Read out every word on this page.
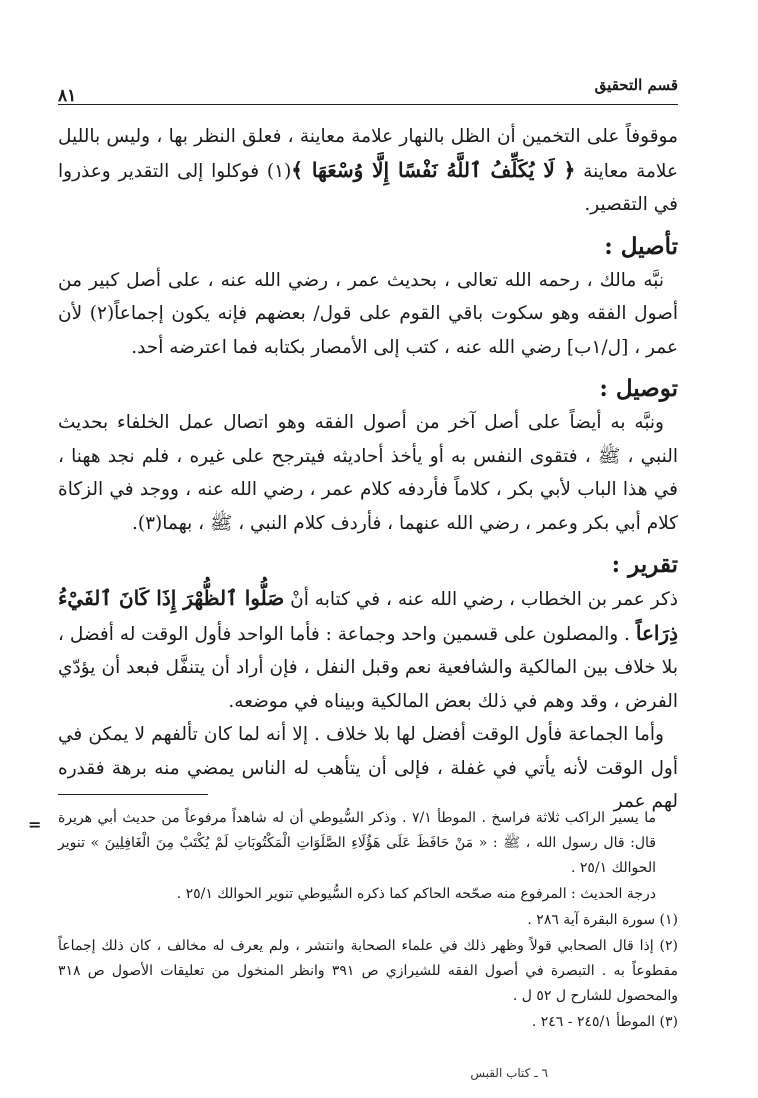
قسم التحقيق
٨١

موقوفاً على التخمين أن الظل بالنهار علامة معاينة ، فعلق النظر بها ، وليس بالليل علامة معاينة ﴿ لَا يُكَلِّفُ ٱللَّهُ نَفْسًا إِلَّا وُسْعَهَا ﴾(١) فوكلوا إلى التقدير وعذروا في التقصير.

تأصيل :

نبَّه مالك ، رحمه الله تعالى ، بحديث عمر ، رضي الله عنه ، على أصل كبير من أصول الفقه وهو سكوت باقي القوم على قول/ بعضهم فإنه يكون إجماعاً(٢) لأن عمر ، [ل/١ب] رضي الله عنه ، كتب إلى الأمصار بكتابه فما اعترضه أحد.

توصيل :

ونبَّه به أيضاً على أصل آخر من أصول الفقه وهو اتصال عمل الخلفاء بحديث النبي ، ﷺ ، فتقوى النفس به أو يأخذ أحاديثه فيترجح على غيره ، فلم نجد ههنا ، في هذا الباب لأبي بكر ، كلاماً فأردفه كلام عمر ، رضي الله عنه ، ووجد في الزكاة كلام أبي بكر وعمر ، رضي الله عنهما ، فأردف كلام النبي ، ﷺ ، بهما(٣).

تقرير :

ذكر عمر بن الخطاب ، رضي الله عنه ، في كتابه أنْ صَلُّوا ٱلظُّهْرَ إِذَا كَانَ ٱلفَيْءُ ذِرَاعاً . والمصلون على قسمين واحد وجماعة : فأما الواحد فأول الوقت له أفضل ، بلا خلاف بين المالكية والشافعية نعم وقبل النفل ، فإن أراد أن يتنفَّل فبعد أن يؤدّي الفرض ، وقد وهم في ذلك بعض المالكية وبيناه في موضعه.

وأما الجماعة فأول الوقت أفضل لها بلا خلاف . إلا أنه لما كان تألفهم لا يمكن في أول الوقت لأنه يأتي في غفلة ، فإلى أن يتأهب له الناس يمضي منه برهة فقدره لهم عمر

= ما يسير الراكب ثلاثة فراسخ . الموطأ ٧/١ . وذكر السُّيوطي أن له شاهداً مرفوعاً من حديث أبي هريرة قال: قال رسول الله ، ﷺ : « مَنْ حَافَظَ عَلَى هَؤُلَاءِ الصَّلَوَاتِ الْمَكْتُوبَاتِ لَمْ يُكْتَبْ مِنَ الْغَافِلِينَ » تنوير الحوالك ٢٥/١ .

درجة الحديث : المرفوع منه صحّحه الحاكم كما ذكره السُّيوطي تنوير الحوالك ٢٥/١ .

(١) سورة البقرة آية ٢٨٦ .

(٢) إذا قال الصحابي قولاً وظهر ذلك في علماء الصحابة وانتشر ، ولم يعرف له مخالف ، كان ذلك إجماعاً مقطوعاً به . التبصرة في أصول الفقه للشيرازي ص ٣٩١ وانظر المنخول من تعليقات الأصول ص ٣١٨ والمحصول للشارح ل ٥٢ ل .

(٣) الموطأ ٢٤٥/١ - ٢٤٦ .

٦ ـ كتاب القبس
